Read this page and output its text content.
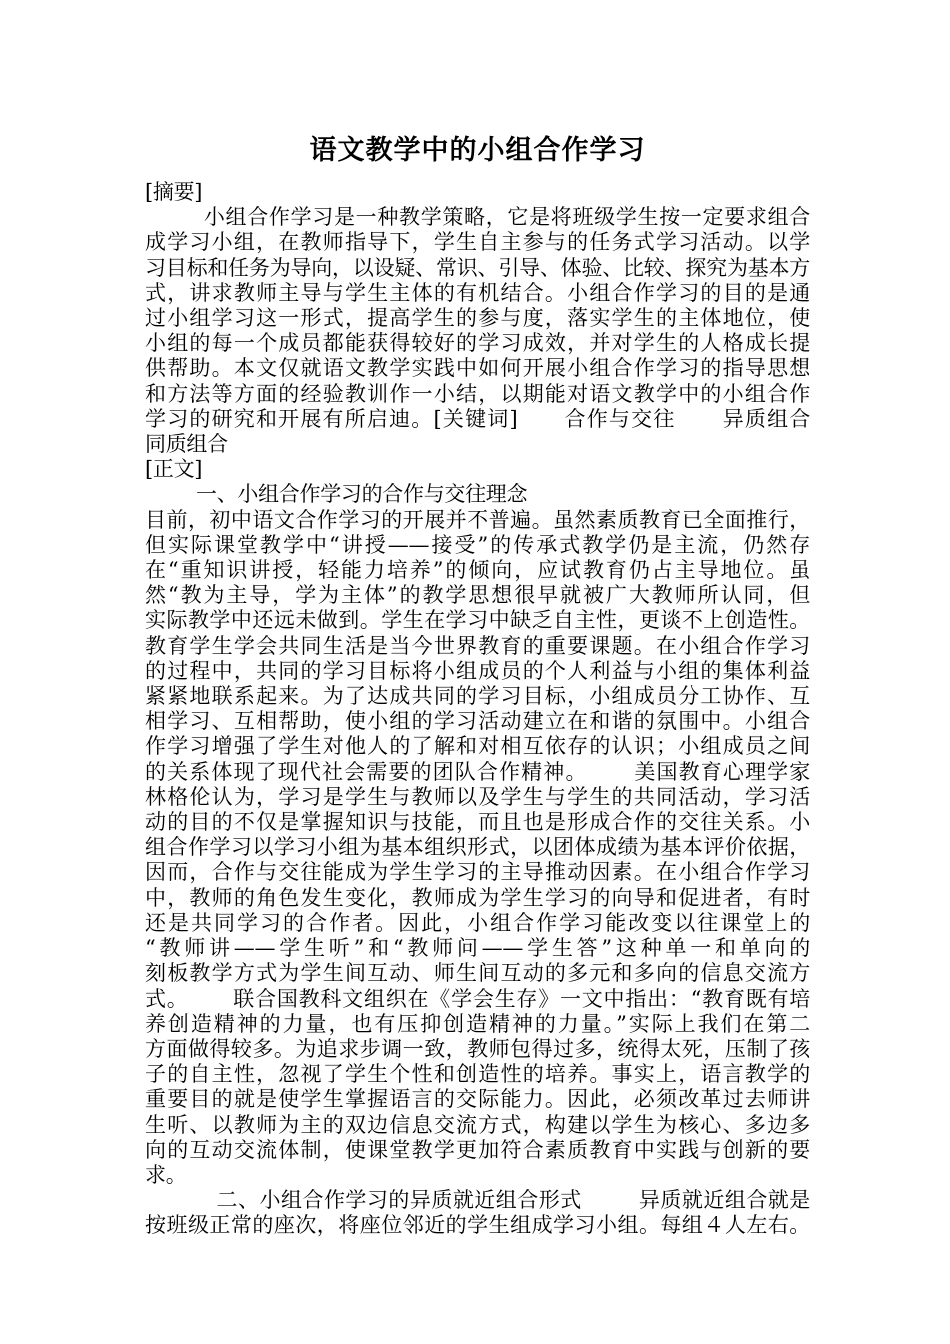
语文教学中的小组合作学习
[摘要]
小组合作学习是一种教学策略，它是将班级学生按一定要求组合
成学习小组，在教师指导下，学生自主参与的任务式学习活动。以学
习目标和任务为导向，以设疑、常识、引导、体验、比较、探究为基本方
式，讲求教师主导与学生主体的有机结合。小组合作学习的目的是通
过小组学习这一形式，提高学生的参与度，落实学生的主体地位，使
小组的每一个成员都能获得较好的学习成效，并对学生的人格成长提
供帮助。本文仅就语文教学实践中如何开展小组合作学习的指导思想
和方法等方面的经验教训作一小结，以期能对语文教学中的小组合作
学习的研究和开展有所启迪。[关键词]      合作与交往      异质组合
同质组合
[正文]
一、小组合作学习的合作与交往理念
目前，初中语文合作学习的开展并不普遍。虽然素质教育已全面推行，
但实际课堂教学中“讲授——接受”的传承式教学仍是主流，仍然存
在“重知识讲授，轻能力培养”的倾向，应试教育仍占主导地位。虽
然“教为主导，学为主体”的教学思想很早就被广大教师所认同，但
实际教学中还远未做到。学生在学习中缺乏自主性，更谈不上创造性。
教育学生学会共同生活是当今世界教育的重要课题。在小组合作学习
的过程中，共同的学习目标将小组成员的个人利益与小组的集体利益
紧紧地联系起来。为了达成共同的学习目标，小组成员分工协作、互
相学习、互相帮助，使小组的学习活动建立在和谐的氛围中。小组合
作学习增强了学生对他人的了解和对相互依存的认识；小组成员之间
的关系体现了现代社会需要的团队合作精神。      美国教育心理学家
林格伦认为，学习是学生与教师以及学生与学生的共同活动，学习活
动的目的不仅是掌握知识与技能，而且也是形成合作的交往关系。小
组合作学习以学习小组为基本组织形式，以团体成绩为基本评价依据，
因而，合作与交往能成为学生学习的主导推动因素。在小组合作学习
中，教师的角色发生变化，教师成为学生学习的向导和促进者，有时
还是共同学习的合作者。因此，小组合作学习能改变以往课堂上的
“教师讲——学生听”和“教师问——学生答”这种单一和单向的
刻板教学方式为学生间互动、师生间互动的多元和多向的信息交流方
式。      联合国教科文组织在《学会生存》一文中指出：“教育既有培
养创造精神的力量，也有压抑创造精神的力量。”实际上我们在第二
方面做得较多。为追求步调一致，教师包得过多，统得太死，压制了孩
子的自主性，忽视了学生个性和创造性的培养。事实上，语言教学的
重要目的就是使学生掌握语言的交际能力。因此，必须改革过去师讲
生听、以教师为主的双边信息交流方式，构建以学生为核心、多边多
向的互动交流体制，使课堂教学更加符合素质教育中实践与创新的要
求。
二、小组合作学习的异质就近组合形式        异质就近组合就是
按班级正常的座次，将座位邻近的学生组成学习小组。每组４人左右。
